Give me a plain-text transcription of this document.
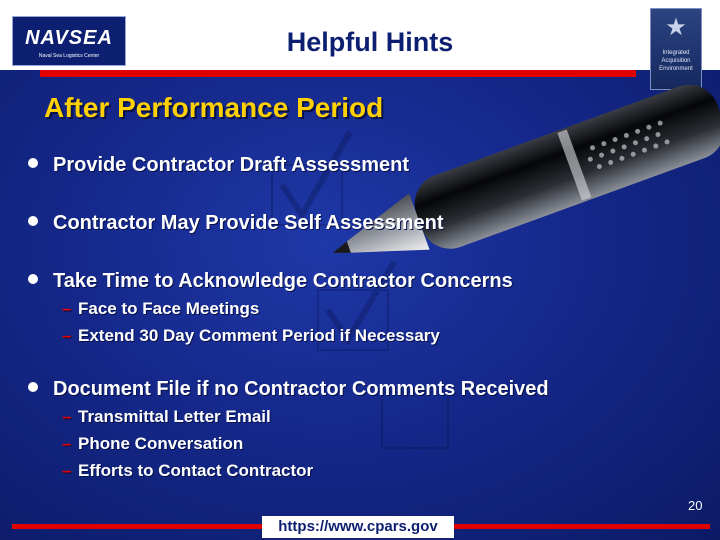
NAVSEA
Naval Sea Logistics Center	Helpful Hints	★
Integrated Acquisition Environment
After Performance Period
Provide Contractor Draft Assessment
Contractor May Provide Self Assessment
Take Time to Acknowledge Contractor Concerns
– Face to Face Meetings
– Extend 30 Day Comment Period if Necessary
Document File if no Contractor Comments Received
– Transmittal Letter Email
– Phone Conversation
– Efforts to Contact Contractor
20
https://www.cpars.gov
